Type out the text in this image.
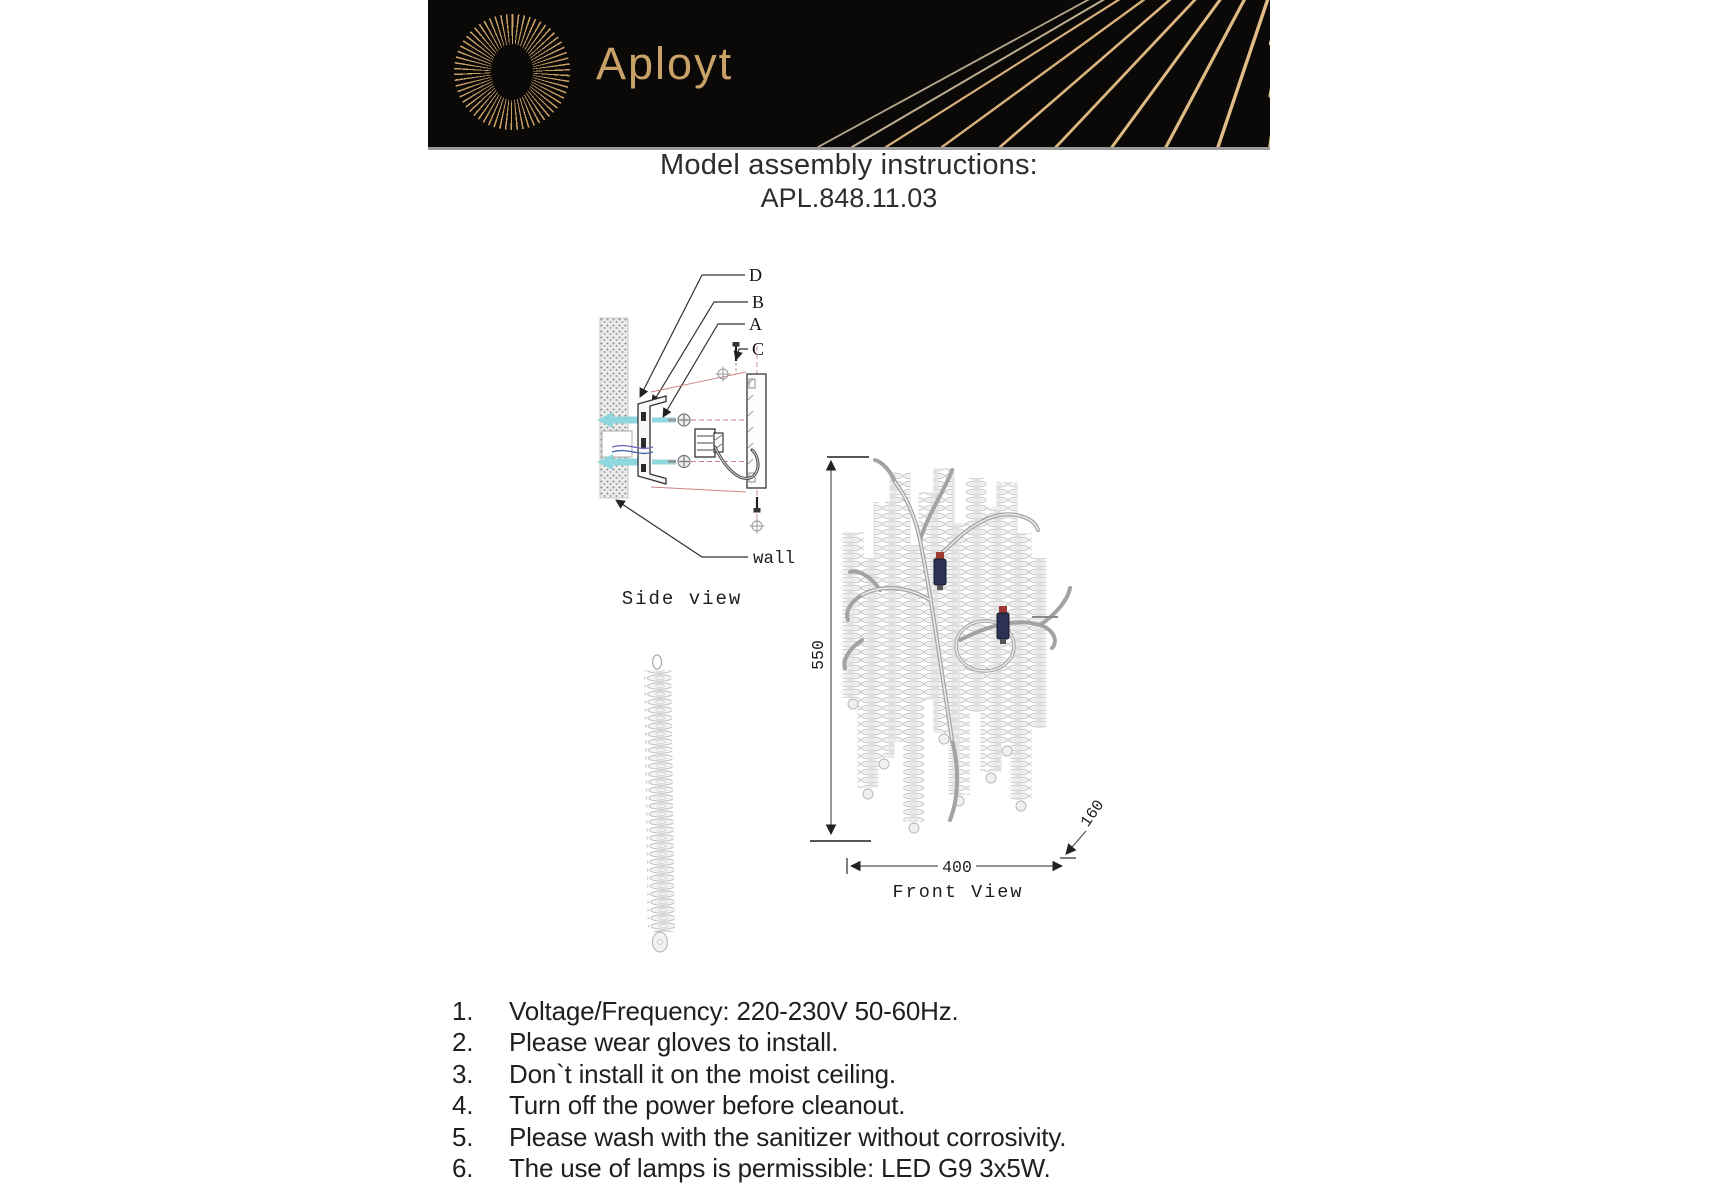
Aployt
Model assembly instructions:
APL.848.11.03
D
B
A
C
wall
Side view
550
400
160
Front View
1.	Voltage/Frequency: 220-230V 50-60Hz.
2.	Please wear gloves to install.
3.	Don`t install it on the moist ceiling.
4.	Turn off the power before cleanout.
5.	Please wash with the sanitizer without corrosivity.
6.	The use of lamps is permissible: LED G9 3x5W.
